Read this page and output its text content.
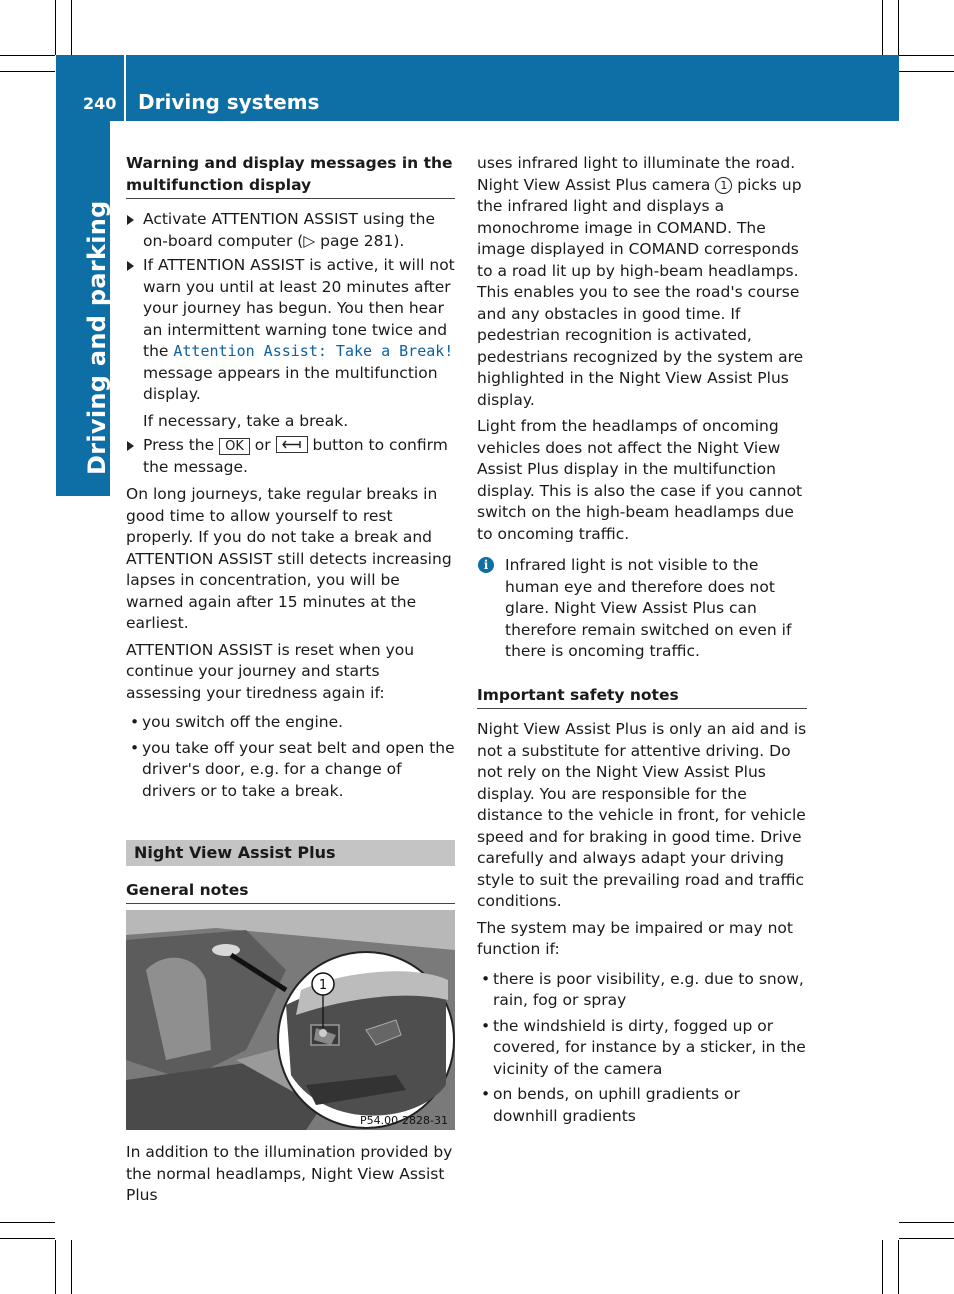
240 Driving systems
Driving and parking
Warning and display messages in the multifunction display
Activate ATTENTION ASSIST using the on-board computer (▷ page 281).
If ATTENTION ASSIST is active, it will not warn you until at least 20 minutes after your journey has begun. You then hear an intermittent warning tone twice and the Attention Assist: Take a Break! message appears in the multifunction display.
If necessary, take a break.
Press the OK or  button to confirm the message.

On long journeys, take regular breaks in good time to allow yourself to rest properly. If you do not take a break and ATTENTION ASSIST still detects increasing lapses in concentration, you will be warned again after 15 minutes at the earliest.

ATTENTION ASSIST is reset when you continue your journey and starts assessing your tiredness again if:

• you switch off the engine.
• you take off your seat belt and open the driver's door, e.g. for a change of drivers or to take a break.
Night View Assist Plus
General notes
1
P54.00-2828-31

In addition to the illumination provided by the normal headlamps, Night View Assist Plus

uses infrared light to illuminate the road. Night View Assist Plus camera 1 picks up the infrared light and displays a monochrome image in COMAND. The image displayed in COMAND corresponds to a road lit up by high-beam headlamps. This enables you to see the road's course and any obstacles in good time. If pedestrian recognition is activated, pedestrians recognized by the system are highlighted in the Night View Assist Plus display.

Light from the headlamps of oncoming vehicles does not affect the Night View Assist Plus display in the multifunction display. This is also the case if you cannot switch on the high-beam headlamps due to oncoming traffic.

i	Infrared light is not visible to the human eye and therefore does not glare. Night View Assist Plus can therefore remain switched on even if there is oncoming traffic.
Important safety notes

Night View Assist Plus is only an aid and is not a substitute for attentive driving. Do not rely on the Night View Assist Plus display. You are responsible for the distance to the vehicle in front, for vehicle speed and for braking in good time. Drive carefully and always adapt your driving style to suit the prevailing road and traffic conditions.

The system may be impaired or may not function if:

• there is poor visibility, e.g. due to snow, rain, fog or spray
• the windshield is dirty, fogged up or covered, for instance by a sticker, in the vicinity of the camera
• on bends, on uphill gradients or downhill gradients
